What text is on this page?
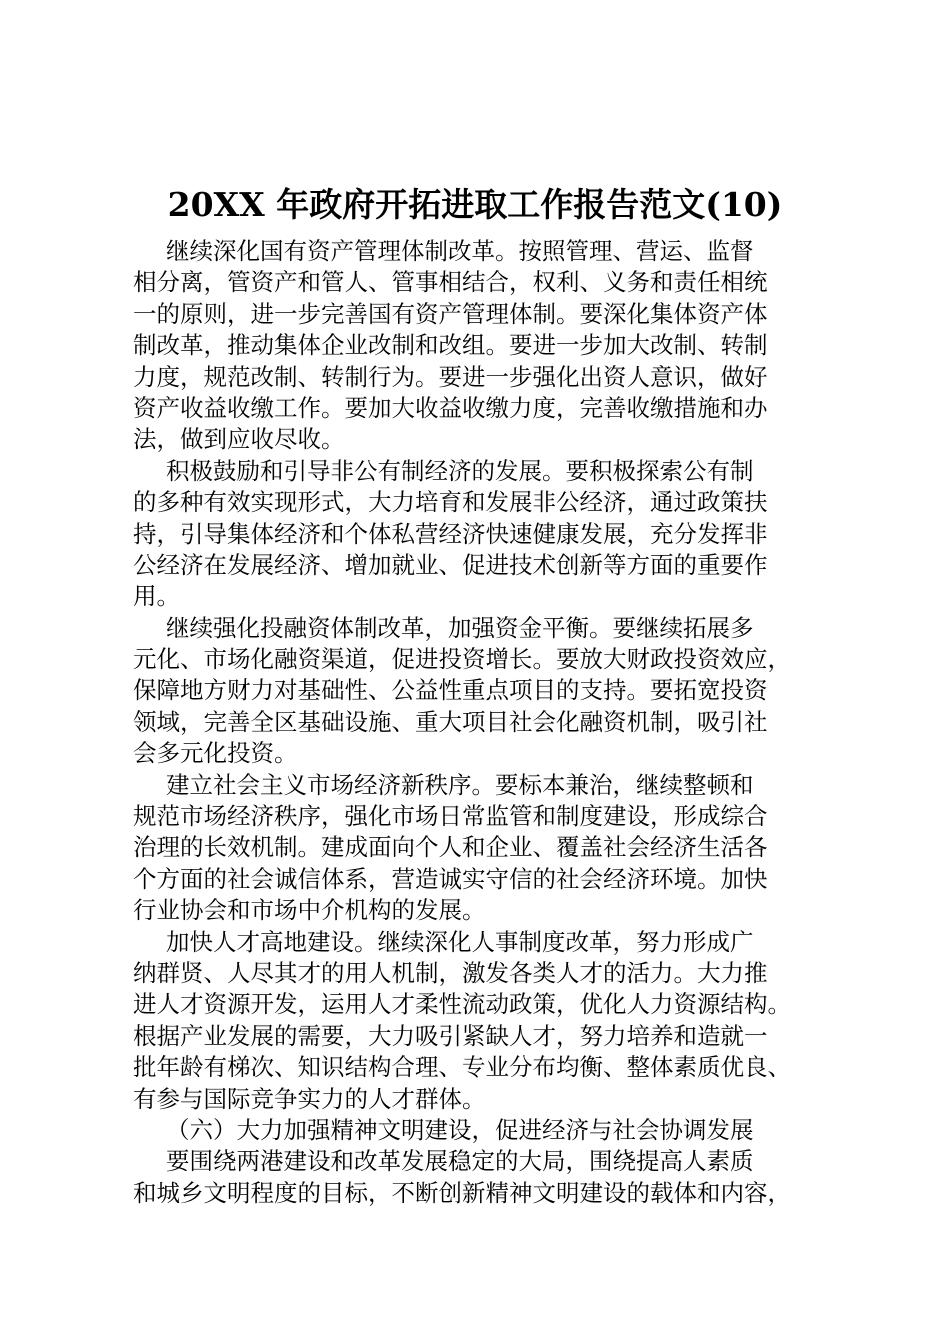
20XX 年政府开拓进取工作报告范文(10)
继续深化国有资产管理体制改革。按照管理、营运、监督
相分离，管资产和管人、管事相结合，权利、义务和责任相统
一的原则，进一步完善国有资产管理体制。要深化集体资产体
制改革，推动集体企业改制和改组。要进一步加大改制、转制
力度，规范改制、转制行为。要进一步强化出资人意识，做好
资产收益收缴工作。要加大收益收缴力度，完善收缴措施和办
法，做到应收尽收。
积极鼓励和引导非公有制经济的发展。要积极探索公有制
的多种有效实现形式，大力培育和发展非公经济，通过政策扶
持，引导集体经济和个体私营经济快速健康发展，充分发挥非
公经济在发展经济、增加就业、促进技术创新等方面的重要作
用。
继续强化投融资体制改革，加强资金平衡。要继续拓展多
元化、市场化融资渠道，促进投资增长。要放大财政投资效应，
保障地方财力对基础性、公益性重点项目的支持。要拓宽投资
领域，完善全区基础设施、重大项目社会化融资机制，吸引社
会多元化投资。
建立社会主义市场经济新秩序。要标本兼治，继续整顿和
规范市场经济秩序，强化市场日常监管和制度建设，形成综合
治理的长效机制。建成面向个人和企业、覆盖社会经济生活各
个方面的社会诚信体系，营造诚实守信的社会经济环境。加快
行业协会和市场中介机构的发展。
加快人才高地建设。继续深化人事制度改革，努力形成广
纳群贤、人尽其才的用人机制，激发各类人才的活力。大力推
进人才资源开发，运用人才柔性流动政策，优化人力资源结构。
根据产业发展的需要，大力吸引紧缺人才，努力培养和造就一
批年龄有梯次、知识结构合理、专业分布均衡、整体素质优良、
有参与国际竞争实力的人才群体。
（六）大力加强精神文明建设，促进经济与社会协调发展
要围绕两港建设和改革发展稳定的大局，围绕提高人素质
和城乡文明程度的目标，不断创新精神文明建设的载体和内容，
